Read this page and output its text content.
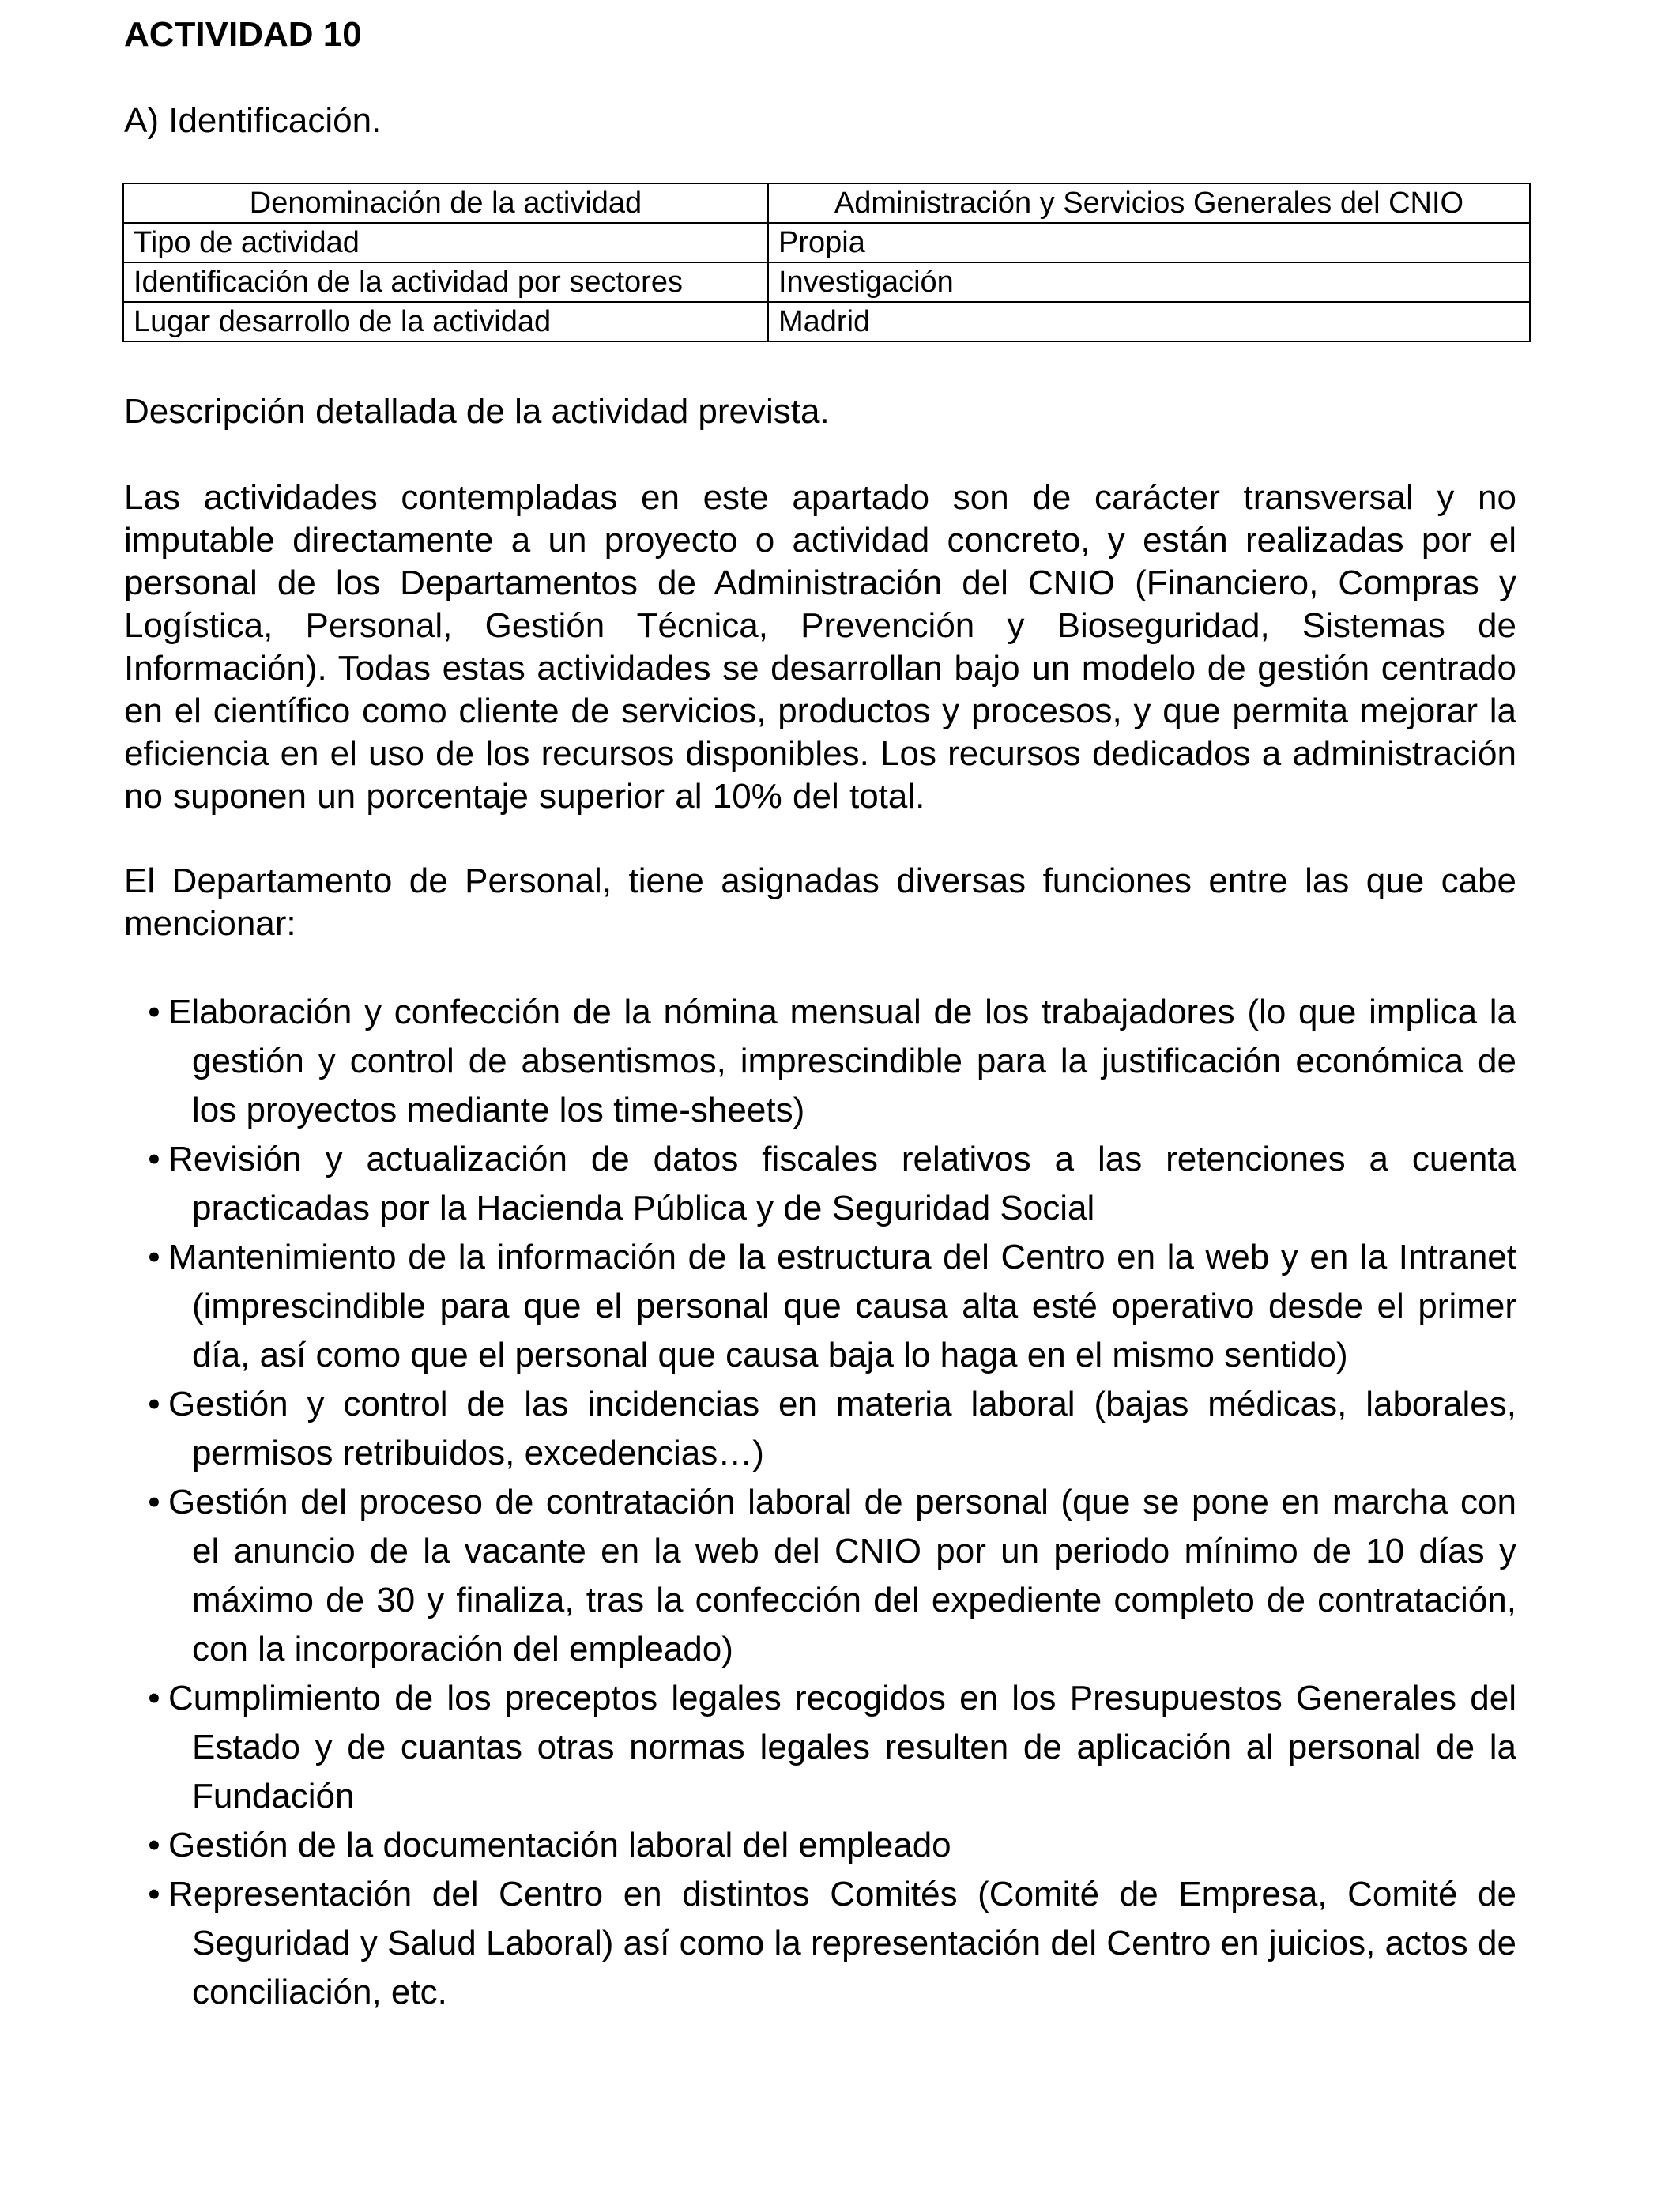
ACTIVIDAD 10
A) Identificación.
Denominación de la actividad	Administración y Servicios Generales del CNIO
Tipo de actividad	Propia
Identificación de la actividad por sectores	Investigación
Lugar desarrollo de la actividad	Madrid
Descripción detallada de la actividad prevista.

Las actividades contempladas en este apartado son de carácter transversal y no imputable directamente a un proyecto o actividad concreto, y están realizadas por el personal de los Departamentos de Administración del CNIO (Financiero, Compras y Logística, Personal, Gestión Técnica, Prevención y Bioseguridad, Sistemas de Información). Todas estas actividades se desarrollan bajo un modelo de gestión centrado en el científico como cliente de servicios, productos y procesos, y que permita mejorar la eficiencia en el uso de los recursos disponibles. Los recursos dedicados a administración no suponen un porcentaje superior al 10% del total.

El Departamento de Personal, tiene asignadas diversas funciones entre las que cabe mencionar:

• Elaboración y confección de la nómina mensual de los trabajadores (lo que implica la gestión y control de absentismos, imprescindible para la justificación económica de los proyectos mediante los time-sheets)
• Revisión y actualización de datos fiscales relativos a las retenciones a cuenta practicadas por la Hacienda Pública y de Seguridad Social
• Mantenimiento de la información de la estructura del Centro en la web y en la Intranet (imprescindible para que el personal que causa alta esté operativo desde el primer día, así como que el personal que causa baja lo haga en el mismo sentido)
• Gestión y control de las incidencias en materia laboral (bajas médicas, laborales, permisos retribuidos, excedencias…)
• Gestión del proceso de contratación laboral de personal (que se pone en marcha con el anuncio de la vacante en la web del CNIO por un periodo mínimo de 10 días y máximo de 30 y finaliza, tras la confección del expediente completo de contratación, con la incorporación del empleado)
• Cumplimiento de los preceptos legales recogidos en los Presupuestos Generales del Estado y de cuantas otras normas legales resulten de aplicación al personal de la Fundación
• Gestión de la documentación laboral del empleado
• Representación del Centro en distintos Comités (Comité de Empresa, Comité de Seguridad y Salud Laboral) así como la representación del Centro en juicios, actos de conciliación, etc.
